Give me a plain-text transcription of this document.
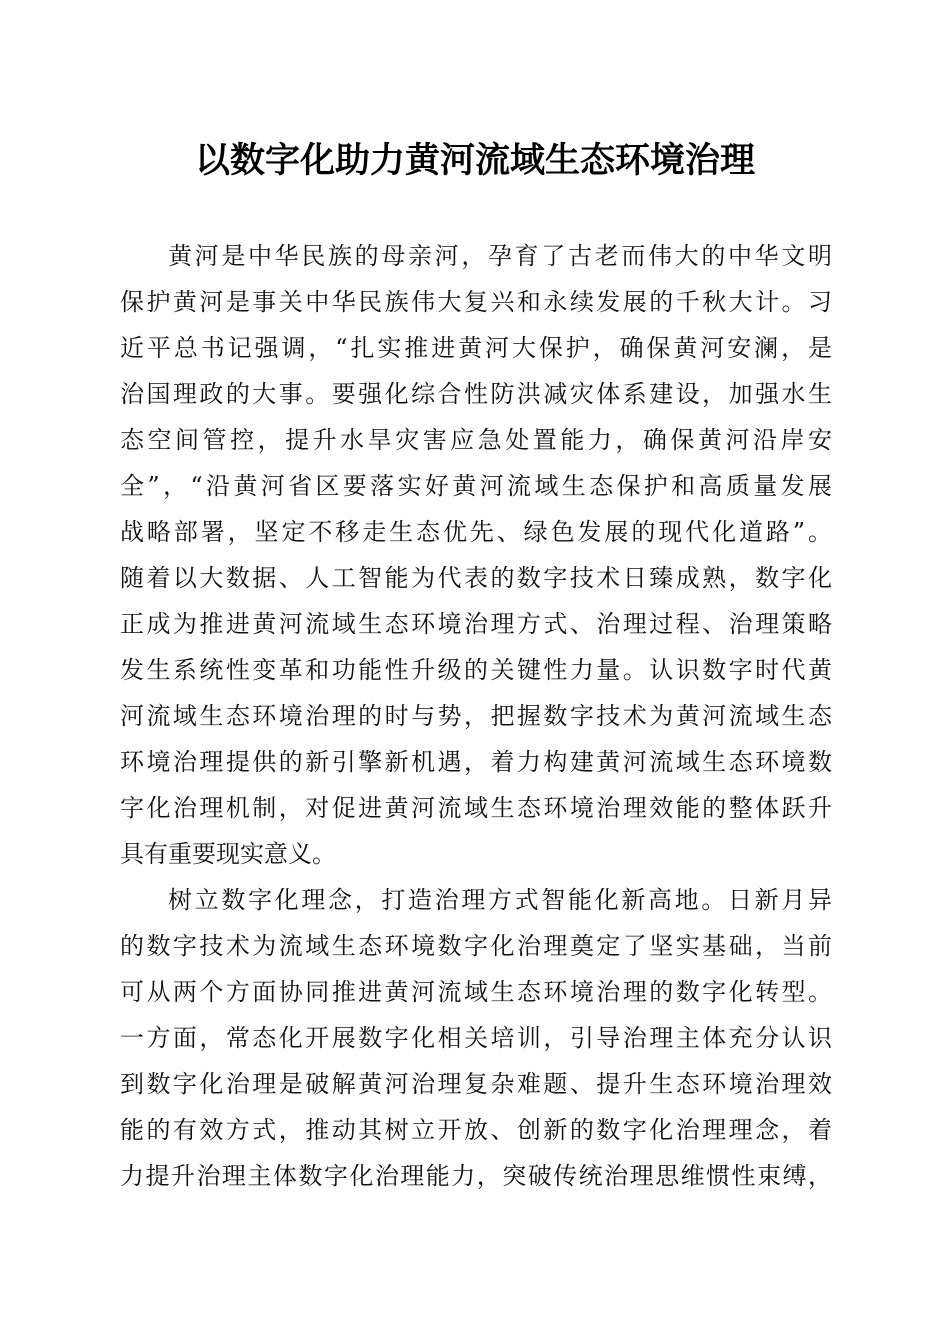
以数字化助力黄河流域生态环境治理
黄河是中华民族的母亲河，孕育了古老而伟大的中华文明
保护黄河是事关中华民族伟大复兴和永续发展的千秋大计。习
近平总书记强调，“扎实推进黄河大保护，确保黄河安澜，是
治国理政的大事。要强化综合性防洪减灾体系建设，加强水生
态空间管控，提升水旱灾害应急处置能力，确保黄河沿岸安
全”，“沿黄河省区要落实好黄河流域生态保护和高质量发展
战略部署，坚定不移走生态优先、绿色发展的现代化道路”。
随着以大数据、人工智能为代表的数字技术日臻成熟，数字化
正成为推进黄河流域生态环境治理方式、治理过程、治理策略
发生系统性变革和功能性升级的关键性力量。认识数字时代黄
河流域生态环境治理的时与势，把握数字技术为黄河流域生态
环境治理提供的新引擎新机遇，着力构建黄河流域生态环境数
字化治理机制，对促进黄河流域生态环境治理效能的整体跃升
具有重要现实意义。
树立数字化理念，打造治理方式智能化新高地。日新月异
的数字技术为流域生态环境数字化治理奠定了坚实基础，当前
可从两个方面协同推进黄河流域生态环境治理的数字化转型。
一方面，常态化开展数字化相关培训，引导治理主体充分认识
到数字化治理是破解黄河治理复杂难题、提升生态环境治理效
能的有效方式，推动其树立开放、创新的数字化治理理念，着
力提升治理主体数字化治理能力，突破传统治理思维惯性束缚，
